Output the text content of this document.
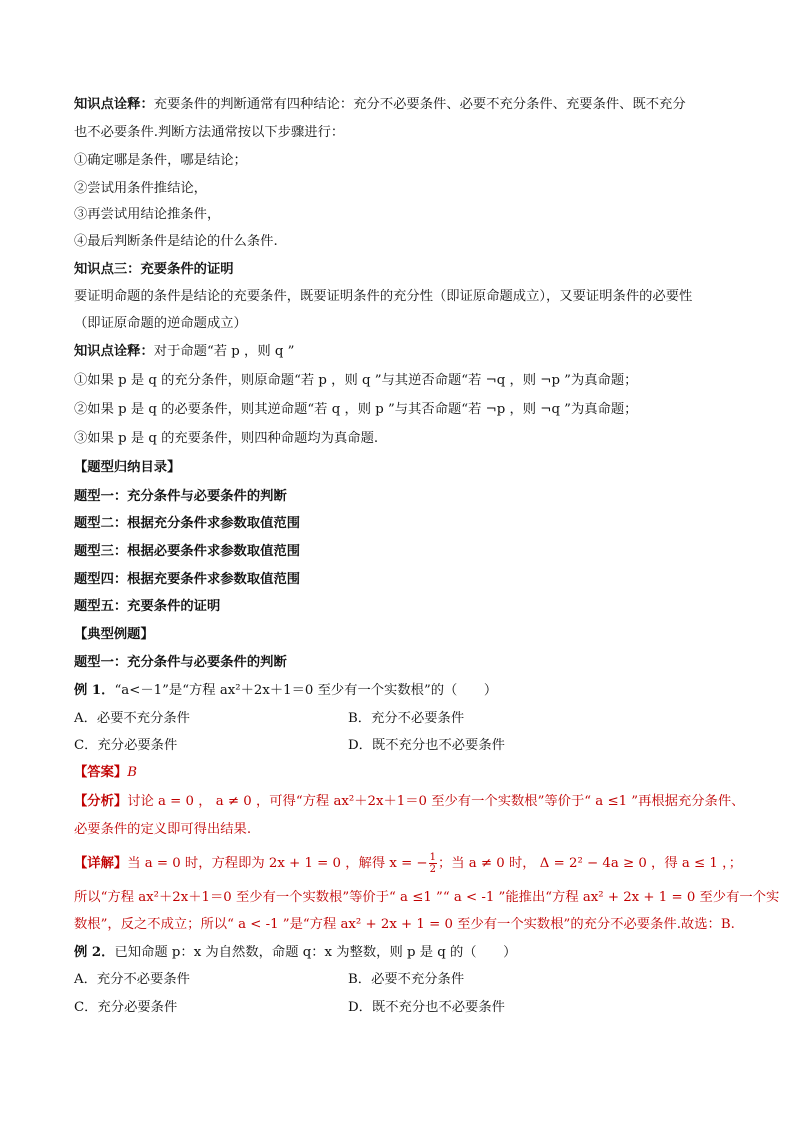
知识点诠释：充要条件的判断通常有四种结论：充分不必要条件、必要不充分条件、充要条件、既不充分
也不必要条件.判断方法通常按以下步骤进行：
①确定哪是条件，哪是结论；
②尝试用条件推结论，
③再尝试用结论推条件，
④最后判断条件是结论的什么条件.
知识点三：充要条件的证明
要证明命题的条件是结论的充要条件，既要证明条件的充分性（即证原命题成立），又要证明条件的必要性
（即证原命题的逆命题成立）
知识点诠释：对于命题“若 p ，则 q ”
①如果 p 是 q 的充分条件，则原命题“若 p ，则 q ”与其逆否命题“若 ¬q ，则 ¬p ”为真命题；
②如果 p 是 q 的必要条件，则其逆命题“若 q ，则 p ”与其否命题“若 ¬p ，则 ¬q ”为真命题；
③如果 p 是 q 的充要条件，则四种命题均为真命题.
【题型归纳目录】
题型一：充分条件与必要条件的判断
题型二：根据充分条件求参数取值范围
题型三：根据必要条件求参数取值范围
题型四：根据充要条件求参数取值范围
题型五：充要条件的证明
【典型例题】
题型一：充分条件与必要条件的判断
例 1．“a<－1”是“方程 ax²＋2x＋1＝0 至少有一个实数根”的（　　）
A．必要不充分条件	B．充分不必要条件
C．充分必要条件	D．既不充分也不必要条件
【答案】B
【分析】讨论 a = 0 ， a ≠ 0 ，可得“方程 ax²＋2x＋1＝0 至少有一个实数根”等价于“ a ≤1 ”再根据充分条件、
必要条件的定义即可得出结果.
【详解】当 a = 0 时，方程即为 2x + 1 = 0 ，解得 x = − $\frac{1}{2}$ ；当 a ≠ 0 时， Δ = 2² − 4a ≥ 0 ，得 a ≤ 1 ，；
所以“方程 ax²＋2x＋1＝0 至少有一个实数根”等价于“ a ≤1 ”“ a < -1 ”能推出“方程 ax² + 2x + 1 = 0 至少有一个实
数根”，反之不成立；所以“ a < -1 ”是“方程 ax² + 2x + 1 = 0 至少有一个实数根”的充分不必要条件.故选：B.
例 2．已知命题 p：x 为自然数，命题 q：x 为整数，则 p 是 q 的（　　）
A．充分不必要条件	B．必要不充分条件
C．充分必要条件	D．既不充分也不必要条件
